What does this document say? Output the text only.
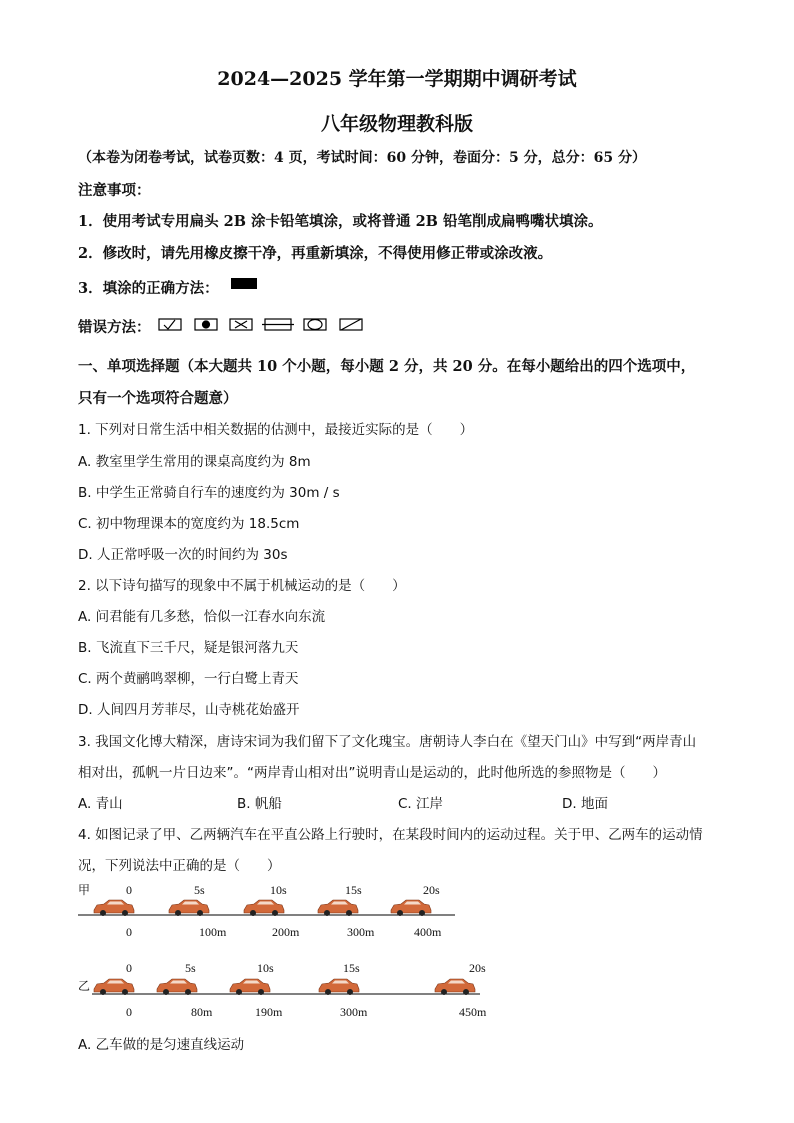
2024—2025 学年第一学期期中调研考试
八年级物理教科版
（本卷为闭卷考试，试卷页数：4 页，考试时间：60 分钟，卷面分：5 分，总分：65 分）
注意事项：
1．使用考试专用扁头 2B 涂卡铅笔填涂，或将普通 2B 铅笔削成扁鸭嘴状填涂。
2．修改时，请先用橡皮擦干净，再重新填涂，不得使用修正带或涂改液。
3．填涂的正确方法：
错误方法：
一、单项选择题（本大题共 10 个小题，每小题 2 分，共 20 分。在每小题给出的四个选项中，
只有一个选项符合题意）
1. 下列对日常生活中相关数据的估测中，最接近实际的是（　　）
A. 教室里学生常用的课桌高度约为 8m
B. 中学生正常骑自行车的速度约为 30m / s
C. 初中物理课本的宽度约为 18.5cm
D. 人正常呼吸一次的时间约为 30s
2. 以下诗句描写的现象中不属于机械运动的是（　　）
A. 问君能有几多愁，恰似一江春水向东流
B. 飞流直下三千尺，疑是银河落九天
C. 两个黄鹂鸣翠柳，一行白鹭上青天
D. 人间四月芳菲尽，山寺桃花始盛开
3. 我国文化博大精深，唐诗宋词为我们留下了文化瑰宝。唐朝诗人李白在《望天门山》中写到“两岸青山
相对出，孤帆一片日边来”。“两岸青山相对出”说明青山是运动的，此时他所选的参照物是（　　）
A. 青山	B. 帆船	C. 江岸	D. 地面
4. 如图记录了甲、乙两辆汽车在平直公路上行驶时，在某段时间内的运动过程。关于甲、乙两车的运动情
况，下列说法中正确的是（　　）
甲	0	5s	10s	15s	20s
0	100m	200m	300m	400m
0	5s	10s	15s	20s
乙
0	80m	190m	300m	450m
A. 乙车做的是匀速直线运动
